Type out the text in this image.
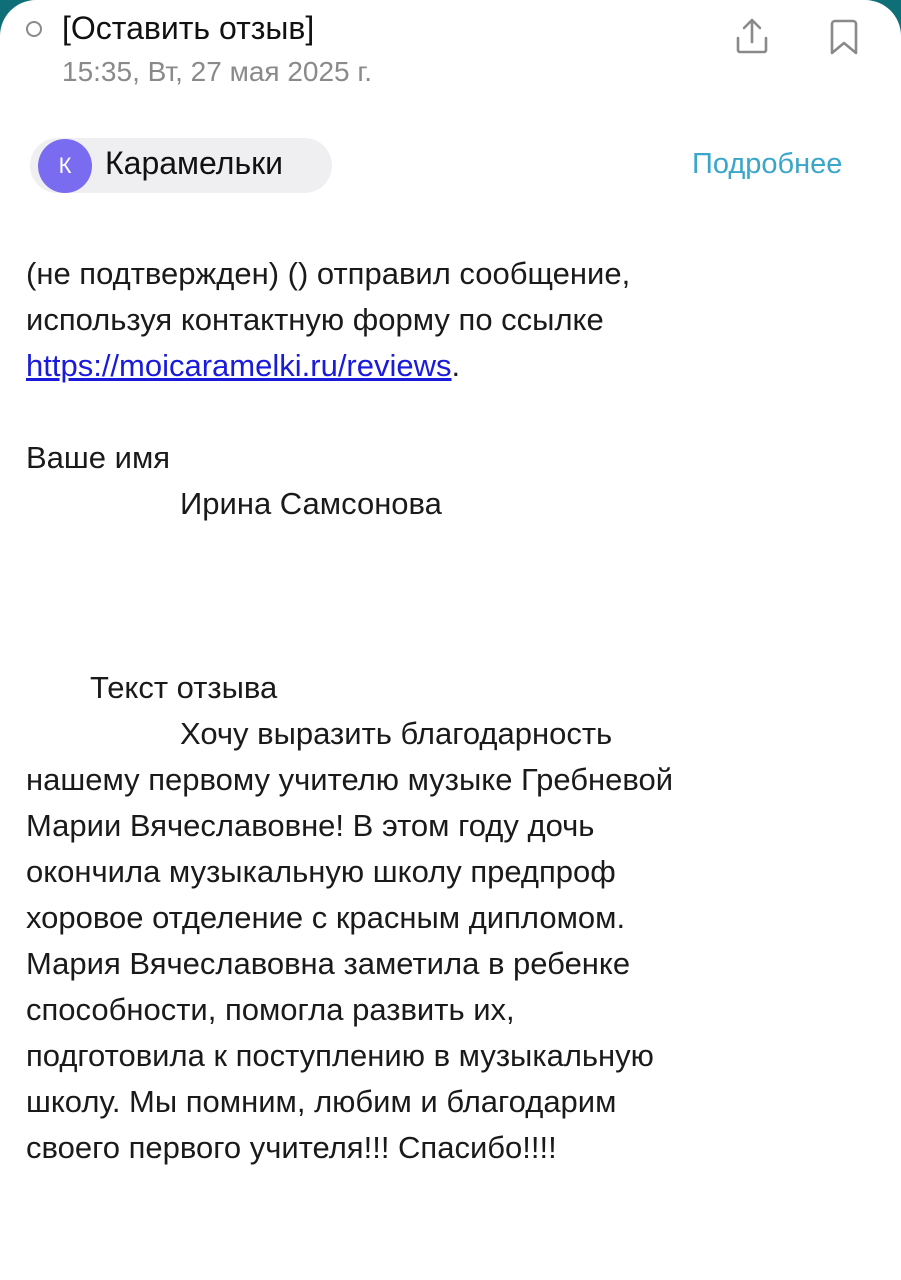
[Оставить отзыв]
15:35, Вт, 27 мая 2025 г.
К Карамельки	Подробнее
(не подтвержден) () отправил сообщение,
используя контактную форму по ссылке
https://moicaramelki.ru/reviews.
Ваше имя
Ирина Самсонова
Текст отзыва
Хочу выразить благодарность
нашему первому учителю музыке Гребневой
Марии Вячеславовне! В этом году дочь
окончила музыкальную школу предпроф
хоровое отделение с красным дипломом.
Мария Вячеславовна заметила в ребенке
способности, помогла развить их,
подготовила к поступлению в музыкальную
школу. Мы помним, любим и благодарим
своего первого учителя!!! Спасибо!!!!
